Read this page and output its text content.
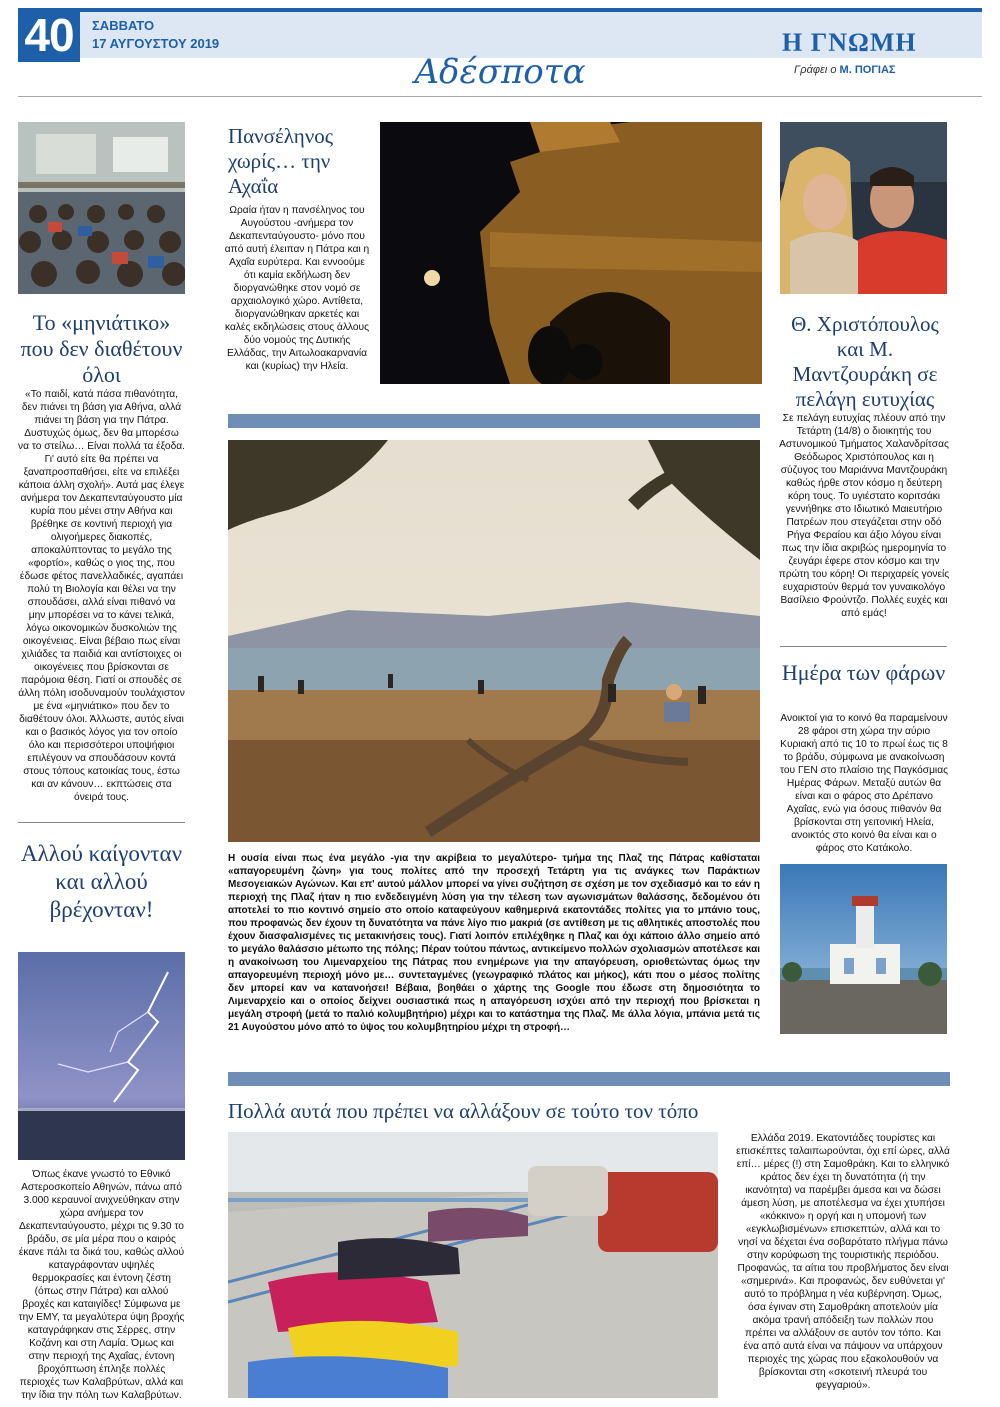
40	ΣΑΒΒΑΤΟ
17 ΑΥΓΟΥΣΤΟΥ 2019
Αδέσποτα
Η ΓΝΩΜΗ
Γράφει ο Μ. ΠΟΓΙΑΣ
Το «μηνιάτικο» που δεν διαθέτουν όλοι
«Το παιδί, κατά πάσα πιθανότητα, δεν πιάνει τη βάση για Αθήνα, αλλά πιάνει τη βάση για την Πάτρα. Δυστυχώς όμως, δεν θα μπορέσω να το στείλω… Είναι πολλά τα έξοδα. Γι' αυτό είτε θα πρέπει να ξαναπροσπαθήσει, είτε να επιλέξει κάποια άλλη σχολή». Αυτά μας έλεγε ανήμερα τον Δεκαπενταύγουστο μία κυρία που μένει στην Αθήνα και βρέθηκε σε κοντινή περιοχή για ολιγοήμερες διακοπές, αποκαλύπτοντας το μεγάλο της «φορτίο», καθώς ο γιος της, που έδωσε φέτος πανελλαδικές, αγαπάει πολύ τη Βιολογία και θέλει να την σπουδάσει, αλλά είναι πιθανό να μην μπορέσει να το κάνει τελικά, λόγω οικονομικών δυσκολιών της οικογένειας. Είναι βέβαιο πως είναι χιλιάδες τα παιδιά και αντίστοιχες οι οικογένειες που βρίσκονται σε παρόμοια θέση. Γιατί οι σπουδές σε άλλη πόλη ισοδυναμούν τουλάχιστον με ένα «μηνιάτικο» που δεν το διαθέτουν όλοι. Άλλωστε, αυτός είναι και ο βασικός λόγος για τον οποίο όλο και περισσότεροι υποψήφιοι επιλέγουν να σπουδάσουν κοντά στους τόπους κατοικίας τους, έστω και αν κάνουν… εκπτώσεις στα όνειρά τους.
Αλλού καίγονταν και αλλού βρέχονταν!
Όπως έκανε γνωστό το Εθνικό Αστεροσκοπείο Αθηνών, πάνω από 3.000 κεραυνοί ανιχνεύθηκαν στην χώρα ανήμερα τον Δεκαπενταύγουστο, μέχρι τις 9.30 το βράδυ, σε μία μέρα που ο καιρός έκανε πάλι τα δικά του, καθώς αλλού καταγράφονταν υψηλές θερμοκρασίες και έντονη ζέστη (όπως στην Πάτρα) και αλλού βροχές και καταιγίδες! Σύμφωνα με την ΕΜΥ, τα μεγαλύτερα ύψη βροχής καταγράφηκαν στις Σέρρες, στην Κοζάνη και στη Λαμία. Όμως και στην περιοχή της Αχαΐας, έντονη βροχόπτωση έπληξε πολλές περιοχές των Καλαβρύτων, αλλά και την ίδια την πόλη των Καλαβρύτων.
Πανσέληνος χωρίς… την Αχαΐα
Ωραία ήταν η πανσέληνος του Αυγούστου -ανήμερα τον Δεκαπενταύγουστο- μόνο που από αυτή έλειπαν η Πάτρα και η Αχαΐα ευρύτερα. Και εννοούμε ότι καμία εκδήλωση δεν διοργανώθηκε στον νομό σε αρχαιολογικό χώρο. Αντίθετα, διοργανώθηκαν αρκετές και καλές εκδηλώσεις στους άλλους δύο νομούς της Δυτικής Ελλάδας, την Αιτωλοακαρνανία και (κυρίως) την Ηλεία.
Θ. Χριστόπουλος και Μ. Μαντζουράκη σε πελάγη ευτυχίας
Σε πελάγη ευτυχίας πλέουν από την Τετάρτη (14/8) ο διοικητής του Αστυνομικού Τμήματος Χαλανδρίτσας Θεόδωρος Χριστόπουλος και η σύζυγος του Μαριάννα Μαντζουράκη καθώς ήρθε στον κόσμο η δεύτερη κόρη τους. Το υγιέστατο κοριτσάκι γεννήθηκε στο Ιδιωτικό Μαιευτήριο Πατρέων που στεγάζεται στην οδό Ρήγα Φεραίου και άξιο λόγου είναι πως την ίδια ακριβώς ημερομηνία το ζευγάρι έφερε στον κόσμο και την πρώτη του κόρη! Οι περιχαρείς γονείς ευχαριστούν θερμά τον γυναικολόγο Βασίλειο Φρούντζο. Πολλές ευχές και από εμάς!
Ημέρα των φάρων
Ανοικτοί για το κοινό θα παραμείνουν 28 φάροι στη χώρα την αύριο Κυριακή από τις 10 το πρωί έως τις 8 το βράδυ, σύμφωνα με ανακοίνωση του ΓΕΝ στο πλαίσιο της Παγκόσμιας Ημέρας Φάρων. Μεταξύ αυτών θα είναι και ο φάρος στο Δρέπανο Αχαΐας, ενώ για όσους πιθανόν θα βρίσκονται στη γειτονική Ηλεία, ανοικτός στο κοινό θα είναι και ο φάρος στο Κατάκολο.
Η ουσία είναι πως ένα μεγάλο -για την ακρίβεια το μεγαλύτερο- τμήμα της Πλαζ της Πάτρας καθίσταται «απαγορευμένη ζώνη» για τους πολίτες από την προσεχή Τετάρτη για τις ανάγκες των Παράκτιων Μεσογειακών Αγώνων. Και επ' αυτού μάλλον μπορεί να γίνει συζήτηση σε σχέση με τον σχεδιασμό και το εάν η περιοχή της Πλαζ ήταν η πιο ενδεδειγμένη λύση για την τέλεση των αγωνισμάτων θαλάσσης, δεδομένου ότι αποτελεί το πιο κοντινό σημείο στο οποίο καταφεύγουν καθημερινά εκατοντάδες πολίτες για το μπάνιο τους, που προφανώς δεν έχουν τη δυνατότητα να πάνε λίγο πιο μακριά (σε αντίθεση με τις αθλητικές αποστολές που έχουν διασφαλισμένες τις μετακινήσεις τους). Γιατί λοιπόν επιλέχθηκε η Πλαζ και όχι κάποιο άλλο σημείο από το μεγάλο θαλάσσιο μέτωπο της πόλης; Πέραν τούτου πάντως, αντικείμενο πολλών σχολιασμών αποτέλεσε και η ανακοίνωση του Λιμεναρχείου της Πάτρας που ενημέρωνε για την απαγόρευση, οριοθετώντας όμως την απαγορευμένη περιοχή μόνο με… συντεταγμένες (γεωγραφικό πλάτος και μήκος), κάτι που ο μέσος πολίτης δεν μπορεί καν να κατανοήσει! Βέβαια, βοηθάει ο χάρτης της Google που έδωσε στη δημοσιότητα το Λιμεναρχείο και ο οποίος δείχνει ουσιαστικά πως η απαγόρευση ισχύει από την περιοχή που βρίσκεται η μεγάλη στροφή (μετά το παλιό κολυμβητήριο) μέχρι και το κατάστημα της Πλαζ. Με άλλα λόγια, μπάνια μετά τις 21 Αυγούστου μόνο από το ύψος του κολυμβητηρίου μέχρι τη στροφή…
Πολλά αυτά που πρέπει να αλλάξουν σε τούτο τον τόπο
Ελλάδα 2019. Εκατοντάδες τουρίστες και επισκέπτες ταλαιπωρούνται, όχι επί ώρες, αλλά επί… μέρες (!) στη Σαμοθράκη. Και το ελληνικό κράτος δεν έχει τη δυνατότητα (ή την ικανότητα) να παρέμβει άμεσα και να δώσει άμεση λύση, με αποτέλεσμα να έχει χτυπήσει «κόκκινο» η οργή και η υπομονή των «εγκλωβισμένων» επισκεπτών, αλλά και το νησί να δέχεται ένα σοβαρότατο πλήγμα πάνω στην κορύφωση της τουριστικής περιόδου. Προφανώς, τα αίτια του προβλήματος δεν είναι «σημερινά». Και προφανώς, δεν ευθύνεται γι' αυτό το πρόβλημα η νέα κυβέρνηση. Όμως, όσα έγιναν στη Σαμοθράκη αποτελούν μία ακόμα τρανή απόδειξη των πολλών που πρέπει να αλλάξουν σε αυτόν τον τόπο. Και ένα από αυτά είναι να πάψουν να υπάρχουν περιοχές της χώρας που εξακολουθούν να βρίσκονται στη «σκοτεινή πλευρά του φεγγαριού».
